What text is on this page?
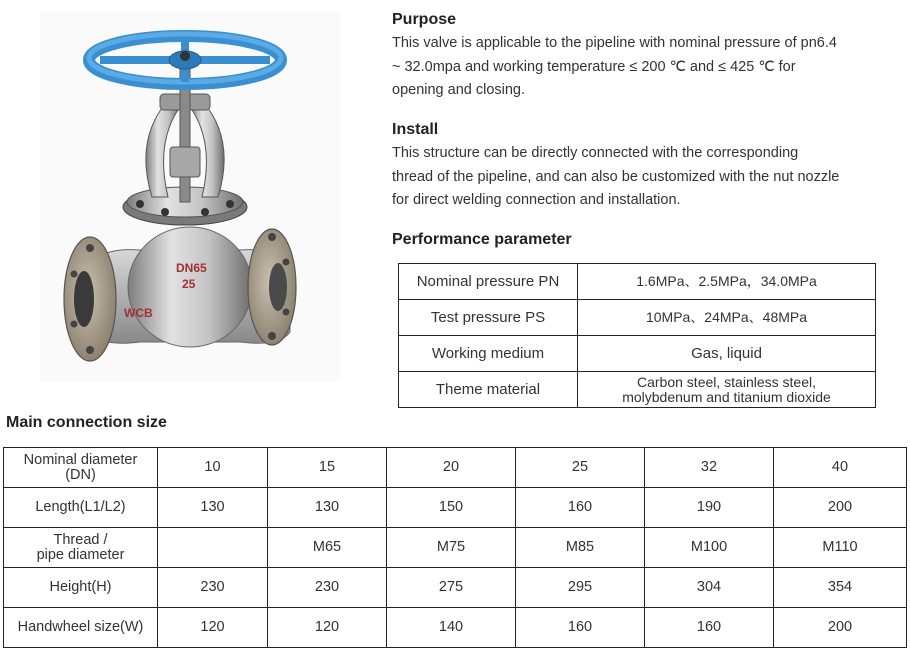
DN65
25
WCB
Purpose
This valve is applicable to the pipeline with nominal pressure of pn6.4
~ 32.0mpa and working temperature ≤ 200 ℃ and ≤ 425 ℃ for
opening and closing.
Install
This structure can be directly connected with the corresponding
thread of the pipeline, and can also be customized with the nut nozzle
for direct welding connection and installation.
Performance parameter
Nominal pressure PN	1.6MPa、2.5MPa，34.0MPa
Test pressure PS	10MPa、24MPa、48MPa
Working medium	Gas, liquid
Theme material	Carbon steel, stainless steel,
molybdenum and titanium dioxide
Main connection size
Nominal diameter
(DN)	10	15	20	25	32	40

Length(L1/L2)	130	130	150	160	190	200

Thread /
pipe diameter		M65	M75	M85	M100	M110

Height(H)	230	230	275	295	304	354

Handwheel size(W)	120	120	140	160	160	200
